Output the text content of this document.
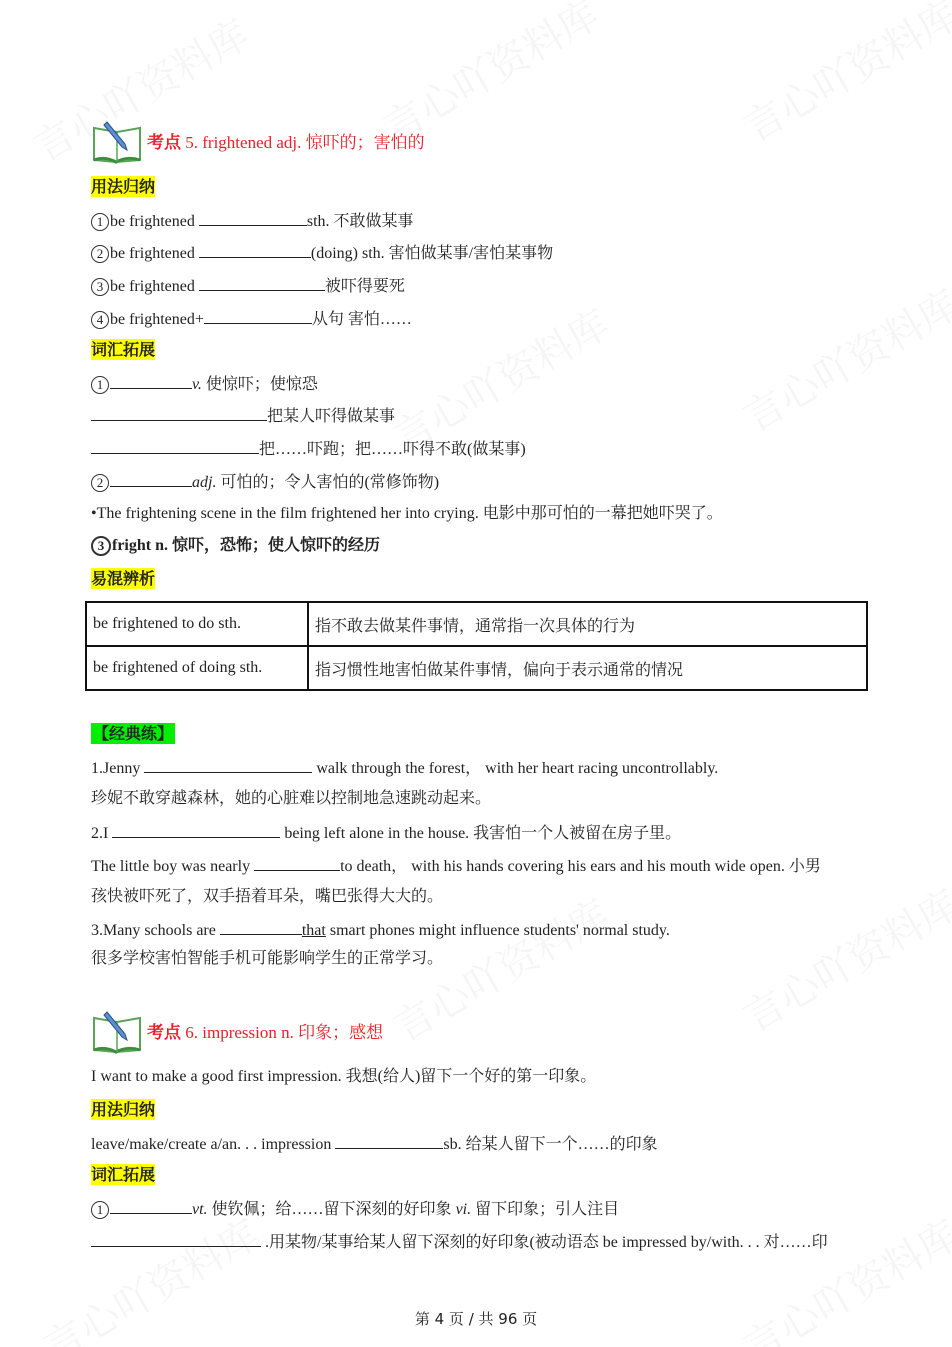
考点 5. frightened adj. 惊吓的；害怕的
用法归纳
1 be frightened	sth. 不敢做某事
2 be frightened	(doing) sth. 害怕做某事/害怕某事物
3 be frightened	被吓得要死
4 be frightened+	从句 害怕……
词汇拓展
1	v. 使惊吓；使惊恐
把某人吓得做某事
把……吓跑；把……吓得不敢(做某事)
2	adj. 可怕的；令人害怕的(常修饰物)
•The frightening scene in the film frightened her into crying. 电影中那可怕的一幕把她吓哭了。
3 fright n. 惊吓，恐怖；使人惊吓的经历
易混辨析
be frightened to do sth.	指不敢去做某件事情，通常指一次具体的行为
be frightened of doing sth.	指习惯性地害怕做某件事情，偏向于表示通常的情况
【经典练】
1.Jenny	walk through the forest， with her heart racing uncontrollably.
珍妮不敢穿越森林，她的心脏难以控制地急速跳动起来。
2.I	being left alone in the house. 我害怕一个人被留在房子里。
The little boy was nearly	to death， with his hands covering his ears and his mouth wide open. 小男
孩快被吓死了，双手捂着耳朵，嘴巴张得大大的。
3.Many schools are	that smart phones might influence students' normal study.
很多学校害怕智能手机可能影响学生的正常学习。
考点 6. impression n. 印象；感想
I want to make a good first impression. 我想(给人)留下一个好的第一印象。
用法归纳
leave/make/create a/an. . . impression	sb. 给某人留下一个……的印象
词汇拓展
1	vt. 使钦佩；给……留下深刻的好印象 vi. 留下印象；引人注目
.用某物/某事给某人留下深刻的好印象(被动语态 be impressed by/with. . . 对……印
第 4 页 / 共 96 页
